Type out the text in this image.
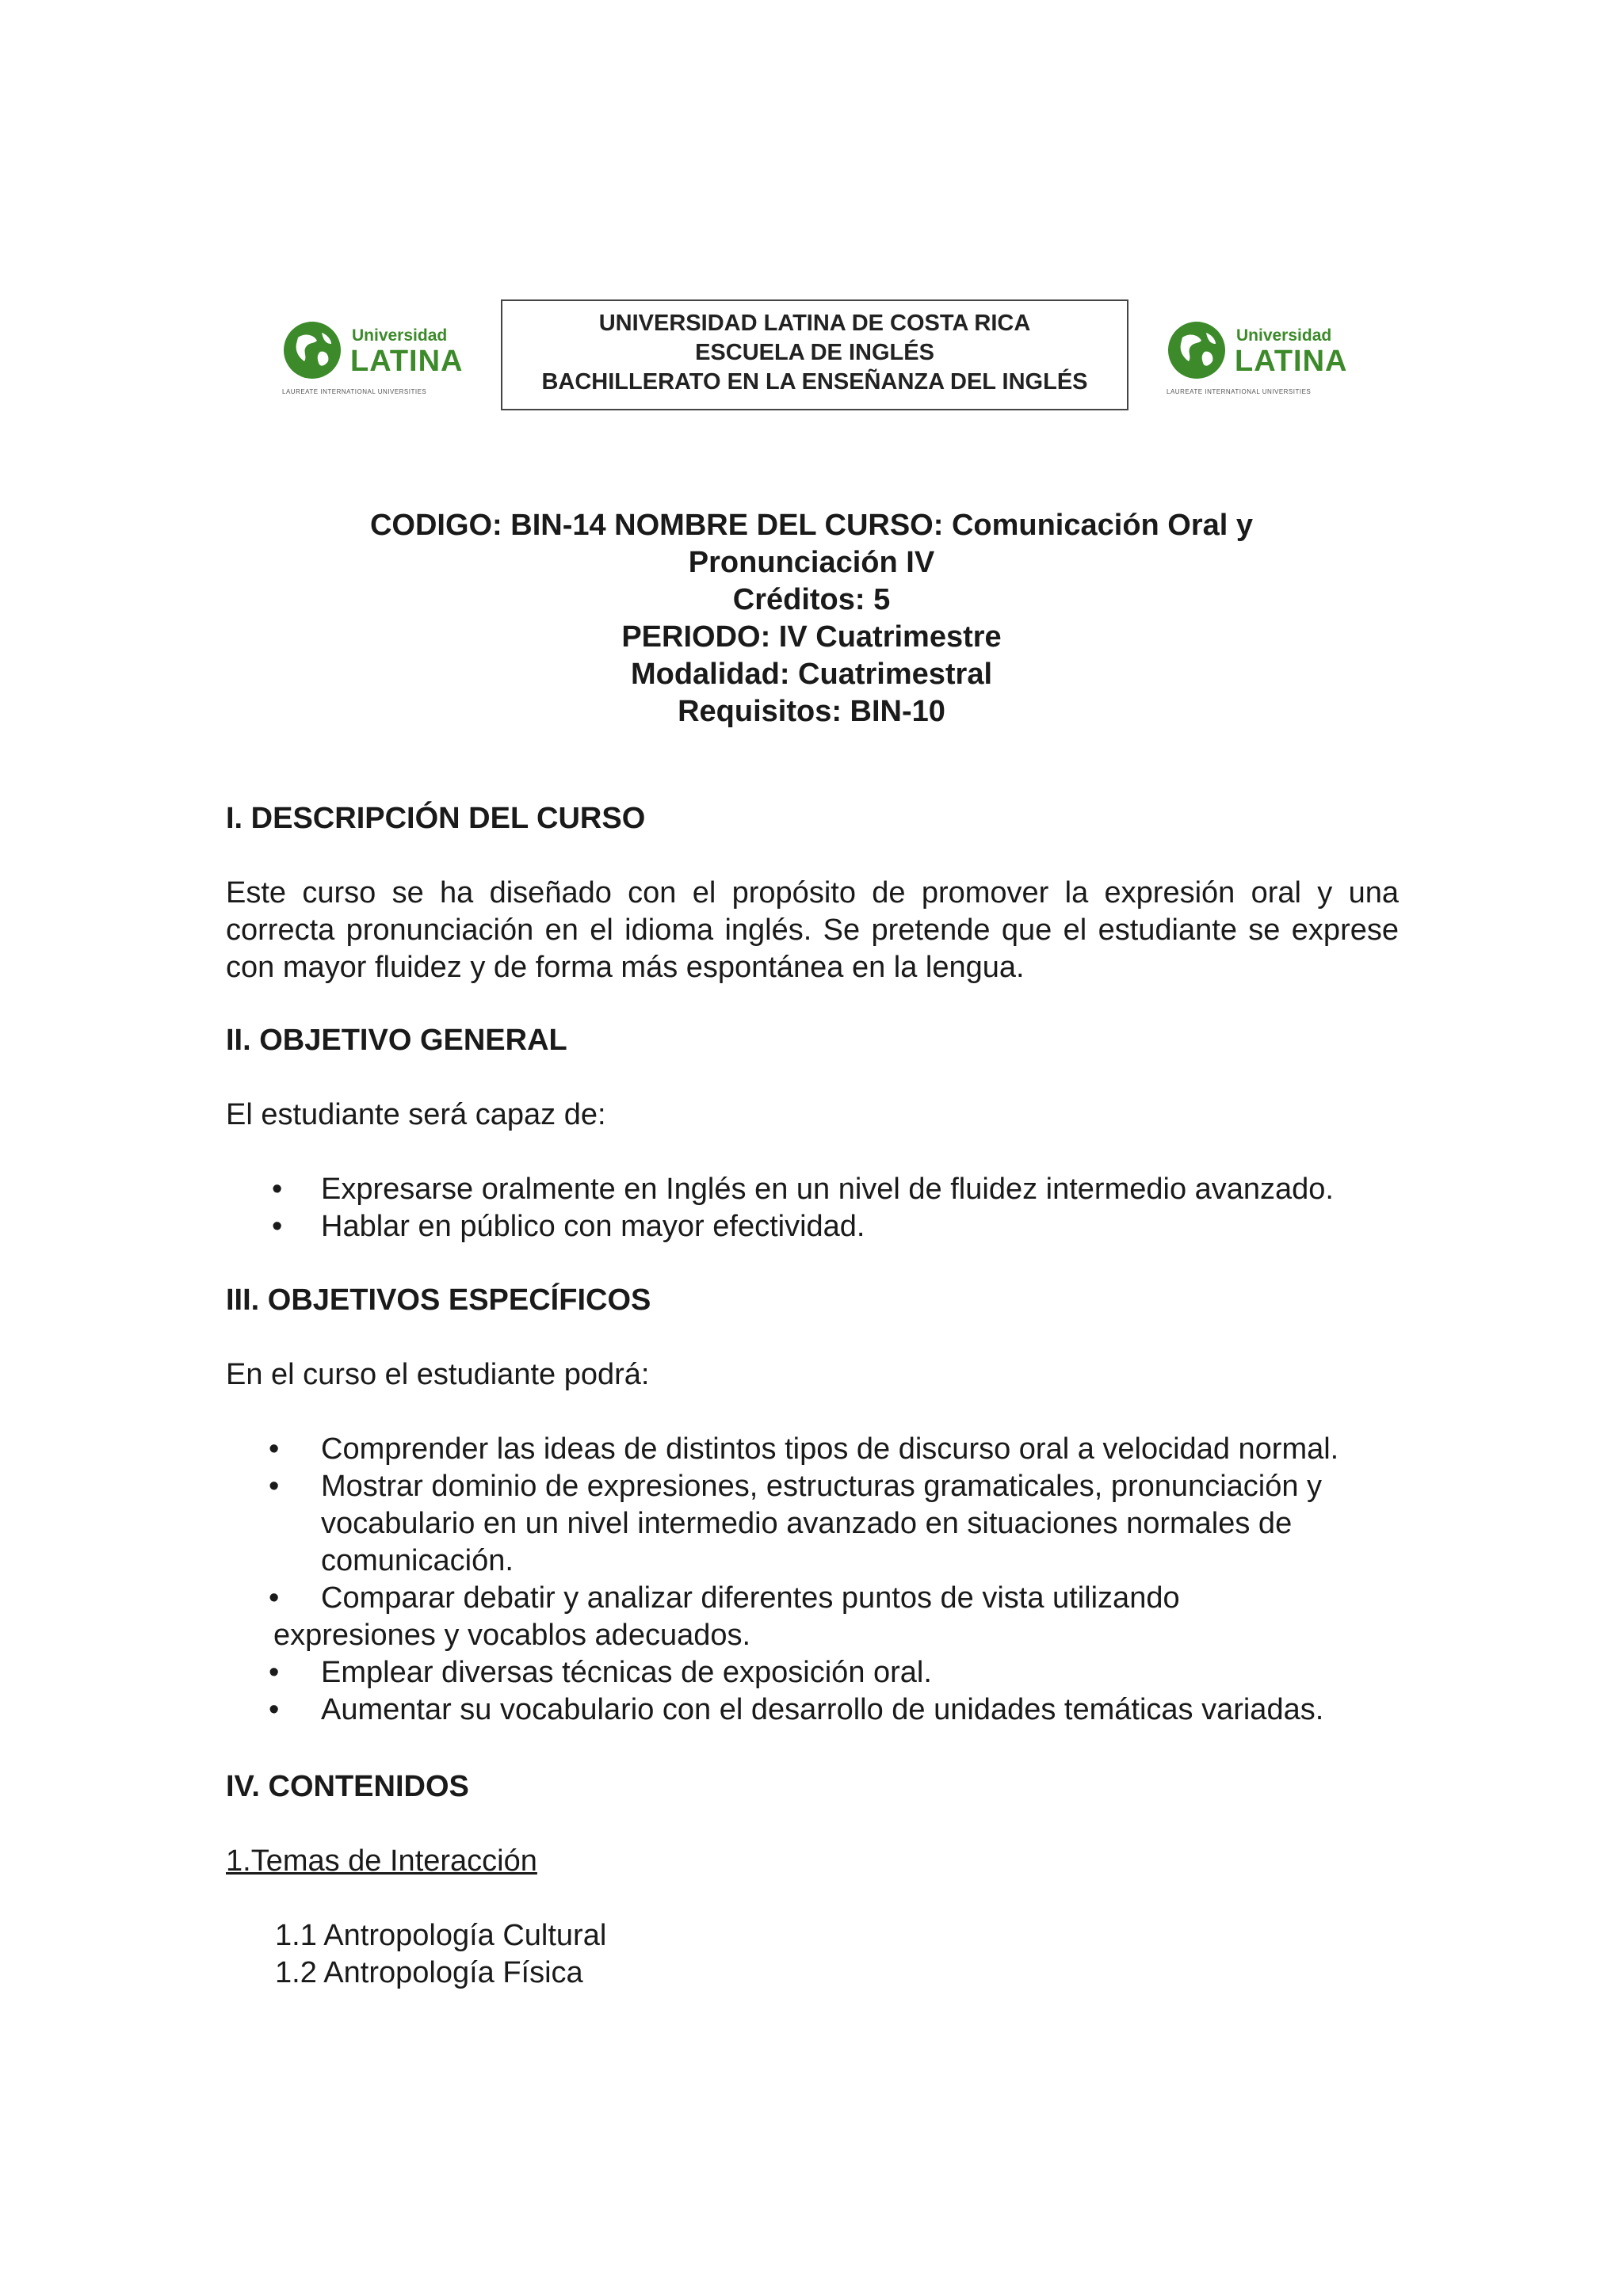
Universidad
LATINA
LAUREATE INTERNATIONAL UNIVERSITIES
UNIVERSIDAD LATINA DE COSTA RICA
ESCUELA DE INGLÉS
BACHILLERATO EN LA ENSEÑANZA DEL INGLÉS
Universidad
LATINA
LAUREATE INTERNATIONAL UNIVERSITIES
CODIGO: BIN-14 NOMBRE DEL CURSO: Comunicación Oral y
Pronunciación IV
Créditos: 5
PERIODO: IV Cuatrimestre
Modalidad: Cuatrimestral
Requisitos: BIN-10
I. DESCRIPCIÓN DEL CURSO
Este curso se ha diseñado con el propósito de promover la expresión oral y una correcta pronunciación en el idioma inglés. Se pretende que el estudiante se exprese con mayor fluidez y de forma más espontánea en la lengua.
II. OBJETIVO GENERAL
El estudiante será capaz de:
• Expresarse oralmente en Inglés en un nivel de fluidez intermedio avanzado.
• Hablar en público con mayor efectividad.
III. OBJETIVOS ESPECÍFICOS
En el curso el estudiante podrá:
• Comprender las ideas de distintos tipos de discurso oral a velocidad normal.
• Mostrar dominio de expresiones, estructuras gramaticales, pronunciación y
vocabulario en un nivel intermedio avanzado en situaciones normales de
comunicación.
• Comparar debatir y analizar diferentes puntos de vista utilizando
expresiones y vocablos adecuados.
• Emplear diversas técnicas de exposición oral.
• Aumentar su vocabulario con el desarrollo de unidades temáticas variadas.
IV. CONTENIDOS
1.Temas de Interacción
1.1 Antropología Cultural
1.2 Antropología Física
